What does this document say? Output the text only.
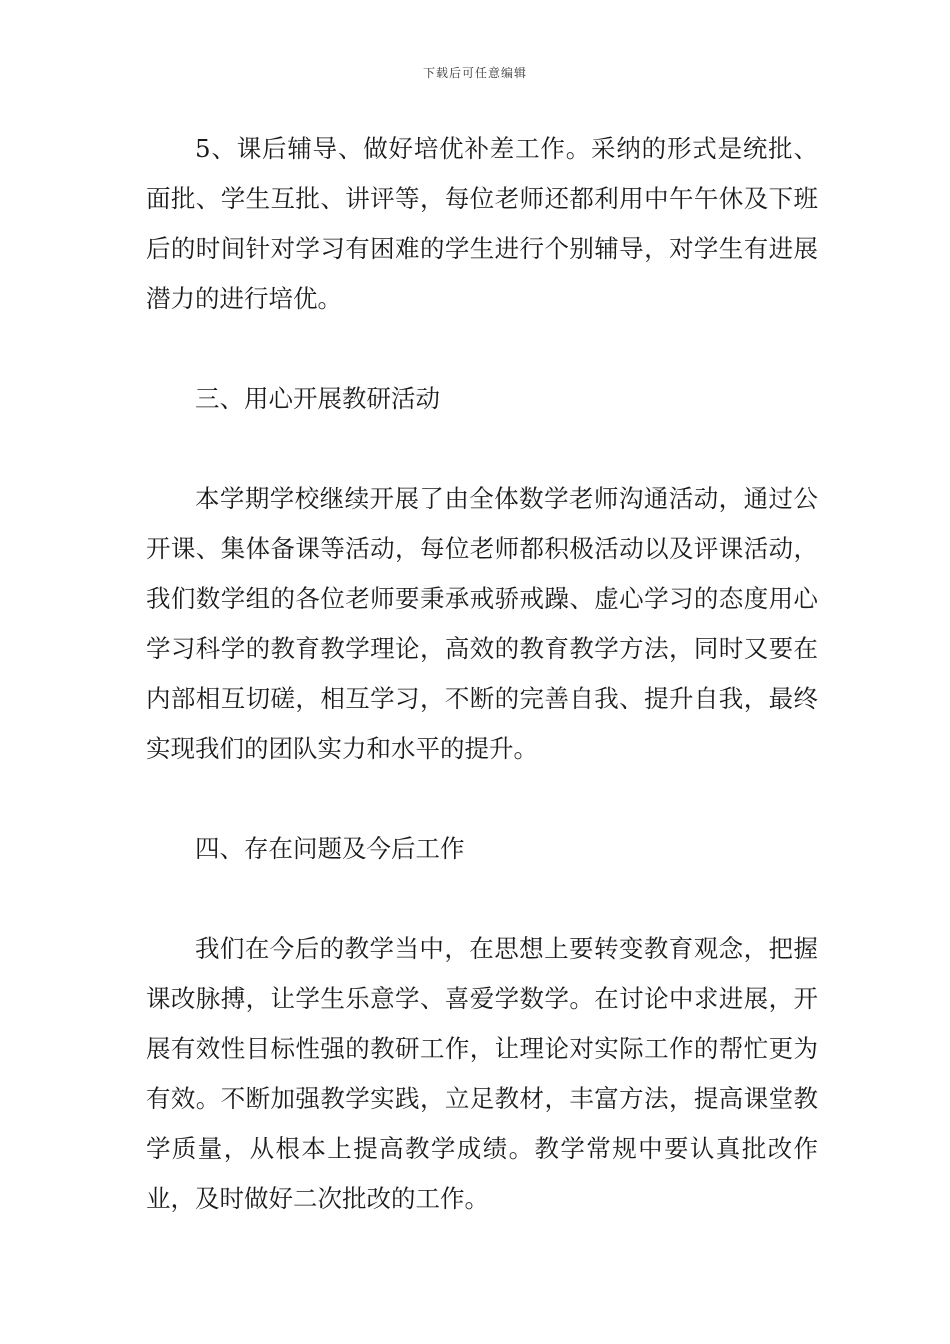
下载后可任意编辑

5、课后辅导、做好培优补差工作。采纳的形式是统批、面批、学生互批、讲评等，每位老师还都利用中午午休及下班后的时间针对学习有困难的学生进行个别辅导，对学生有进展潜力的进行培优。

三、用心开展教研活动

本学期学校继续开展了由全体数学老师沟通活动，通过公开课、集体备课等活动，每位老师都积极活动以及评课活动，我们数学组的各位老师要秉承戒骄戒躁、虚心学习的态度用心学习科学的教育教学理论，高效的教育教学方法，同时又要在内部相互切磋，相互学习，不断的完善自我、提升自我，最终实现我们的团队实力和水平的提升。

四、存在问题及今后工作

我们在今后的教学当中，在思想上要转变教育观念，把握课改脉搏，让学生乐意学、喜爱学数学。在讨论中求进展，开展有效性目标性强的教研工作，让理论对实际工作的帮忙更为有效。不断加强教学实践，立足教材，丰富方法，提高课堂教学质量，从根本上提高教学成绩。教学常规中要认真批改作业，及时做好二次批改的工作。
